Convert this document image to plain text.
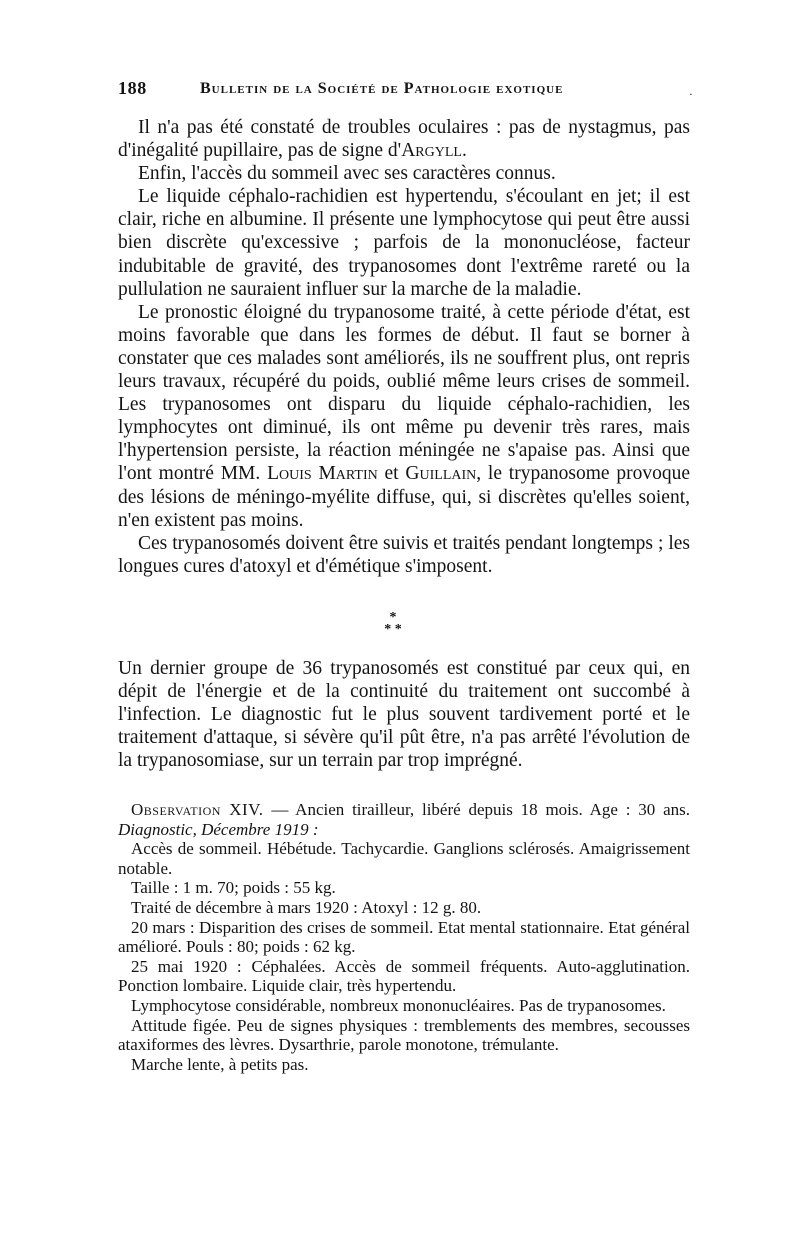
188	Bulletin de la Société de Pathologie exotique	.

Il n'a pas été constaté de troubles oculaires : pas de nystagmus, pas d'inégalité pupillaire, pas de signe d'Argyll.

Enfin, l'accès du sommeil avec ses caractères connus.

Le liquide céphalo-rachidien est hypertendu, s'écoulant en jet; il est clair, riche en albumine. Il présente une lymphocytose qui peut être aussi bien discrète qu'excessive ; parfois de la mononucléose, facteur indubitable de gravité, des trypanosomes dont l'extrême rareté ou la pullulation ne sauraient influer sur la marche de la maladie.

Le pronostic éloigné du trypanosome traité, à cette période d'état, est moins favorable que dans les formes de début. Il faut se borner à constater que ces malades sont améliorés, ils ne souffrent plus, ont repris leurs travaux, récupéré du poids, oublié même leurs crises de sommeil. Les trypanosomes ont disparu du liquide céphalo-rachidien, les lymphocytes ont diminué, ils ont même pu devenir très rares, mais l'hypertension persiste, la réaction méningée ne s'apaise pas. Ainsi que l'ont montré MM. Louis Martin et Guillain, le trypanosome provoque des lésions de méningo-myélite diffuse, qui, si discrètes qu'elles soient, n'en existent pas moins.

Ces trypanosomés doivent être suivis et traités pendant longtemps ; les longues cures d'atoxyl et d'émétique s'imposent.

*
* *

Un dernier groupe de 36 trypanosomés est constitué par ceux qui, en dépit de l'énergie et de la continuité du traitement ont succombé à l'infection. Le diagnostic fut le plus souvent tardivement porté et le traitement d'attaque, si sévère qu'il pût être, n'a pas arrêté l'évolution de la trypanosomiase, sur un terrain par trop imprégné.

Observation XIV. — Ancien tirailleur, libéré depuis 18 mois. Age : 30 ans. Diagnostic, Décembre 1919 :

Accès de sommeil. Hébétude. Tachycardie. Ganglions sclérosés. Amaigrissement notable.

Taille : 1 m. 70; poids : 55 kg.

Traité de décembre à mars 1920 : Atoxyl : 12 g. 80.

20 mars : Disparition des crises de sommeil. Etat mental stationnaire. Etat général amélioré. Pouls : 80; poids : 62 kg.

25 mai 1920 : Céphalées. Accès de sommeil fréquents. Auto-agglutination. Ponction lombaire. Liquide clair, très hypertendu.

Lymphocytose considérable, nombreux mononucléaires. Pas de trypanosomes.

Attitude figée. Peu de signes physiques : tremblements des membres, secousses ataxiformes des lèvres. Dysarthrie, parole monotone, trémulante.

Marche lente, à petits pas.
